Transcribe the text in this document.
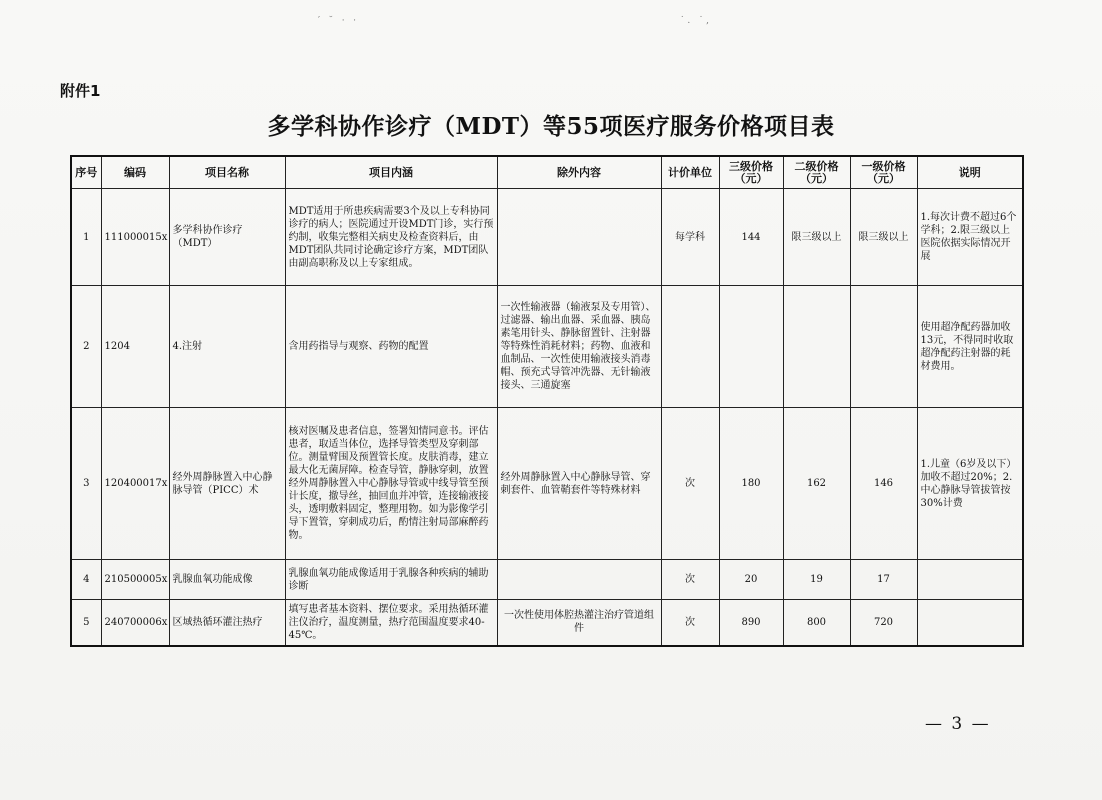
′   ˘   ·   ·	˙ .   ˙ ,
附件1
多学科协作诊疗（MDT）等55项医疗服务价格项目表
序号	编码	项目名称	项目内涵	除外内容	计价单位	三级价格（元）	二级价格（元）	一级价格（元）	说明
1	111000015x	多学科协作诊疗（MDT）	MDT适用于所患疾病需要3个及以上专科协同诊疗的病人；医院通过开设MDT门诊，实行预约制，收集完整相关病史及检查资料后，由MDT团队共同讨论确定诊疗方案，MDT团队由副高职称及以上专家组成。		每学科	144	限三级以上	限三级以上	1.每次计费不超过6个学科；2.限三级以上医院依据实际情况开展
2	1204	4.注射	含用药指导与观察、药物的配置	一次性输液器（输液泵及专用管）、过滤器、输出血器、采血器、胰岛素笔用针头、静脉留置针、注射器等特殊性消耗材料；药物、血液和血制品、一次性使用输液接头消毒帽、预充式导管冲洗器、无针输液接头、三通旋塞					使用超净配药器加收13元，不得同时收取超净配药注射器的耗材费用。
3	120400017x	经外周静脉置入中心静脉导管（PICC）术	核对医嘱及患者信息，签署知情同意书。评估患者，取适当体位，选择导管类型及穿刺部位。测量臂围及预置管长度。皮肤消毒，建立最大化无菌屏障。检查导管，静脉穿刺，放置经外周静脉置入中心静脉导管或中线导管至预计长度，撤导丝，抽回血并冲管，连接输液接头，透明敷料固定，整理用物。如为影像学引导下置管，穿刺成功后，酌情注射局部麻醉药物。	经外周静脉置入中心静脉导管、穿刺套件、血管鞘套件等特殊材料	次	180	162	146	1.儿童（6岁及以下）加收不超过20%；2.中心静脉导管拔管按30%计费
4	210500005x	乳腺血氧功能成像	乳腺血氧功能成像适用于乳腺各种疾病的辅助诊断		次	20	19	17	
5	240700006x	区域热循环灌注热疗	填写患者基本资料、摆位要求。采用热循环灌注仪治疗，温度测量，热疗范围温度要求40-45℃。	一次性使用体腔热灌注治疗管道组件	次	890	800	720	
— 3 —
